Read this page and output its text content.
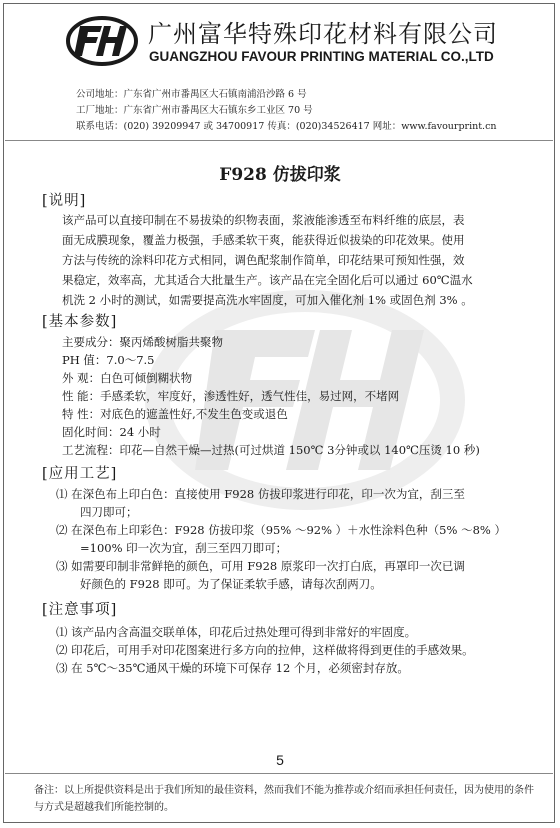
广州富华特殊印花材料有限公司
GUANGZHOU FAVOUR PRINTING MATERIAL CO.,LTD
公司地址：广东省广州市番禺区大石镇南浦沿沙路 6 号
工厂地址：广东省广州市番禺区大石镇东乡工业区 70 号
联系电话：(020) 39209947 或 34700917 传真：(020)34526417 网址：www.favourprint.cn
F928 仿拔印浆
[说明]
该产品可以直接印制在不易拔染的织物表面，浆液能渗透至布料纤维的底层，表
面无成膜现象，覆盖力极强，手感柔软干爽，能获得近似拔染的印花效果。使用
方法与传统的涂料印花方式相同，调色配浆制作简单，印花结果可预知性强，效
果稳定，效率高，尤其适合大批量生产。该产品在完全固化后可以通过 60℃温水
机洗 2 小时的测试，如需要提高洗水牢固度，可加入催化剂 1% 或固色剂 3% 。
[基本参数]
主要成分：聚丙烯酸树脂共聚物
PH 值：7.0～7.5
外 观：白色可倾倒糊状物
性 能：手感柔软，牢度好，渗透性好，透气性佳，易过网，不堵网
特 性：对底色的遮盖性好,不发生色变或退色
固化时间：24 小时
工艺流程：印花—自然干燥—过热(可过烘道 150℃ 3分钟或以 140℃压烫 10 秒)
[应用工艺]
⑴ 在深色布上印白色：直接使用 F928 仿拔印浆进行印花，印一次为宜，刮三至
四刀即可；
⑵ 在深色布上印彩色：F928 仿拔印浆（95% ～92% ）＋水性涂料色种（5% ～8% ）
=100% 印一次为宜，刮三至四刀即可；
⑶ 如需要印制非常鲜艳的颜色，可用 F928 原浆印一次打白底，再罩印一次已调
好颜色的 F928 即可。为了保证柔软手感，请每次刮两刀。
[注意事项]
⑴ 该产品内含高温交联单体，印花后过热处理可得到非常好的牢固度。
⑵ 印花后，可用手对印花图案进行多方向的拉伸，这样做将得到更佳的手感效果。
⑶ 在 5℃～35℃通风干燥的环境下可保存 12 个月，必须密封存放。
5
备注：以上所提供资料是出于我们所知的最佳资料，然而我们不能为推荐或介绍而承担任何责任，因为使用的条件与方式是超越我们所能控制的。
